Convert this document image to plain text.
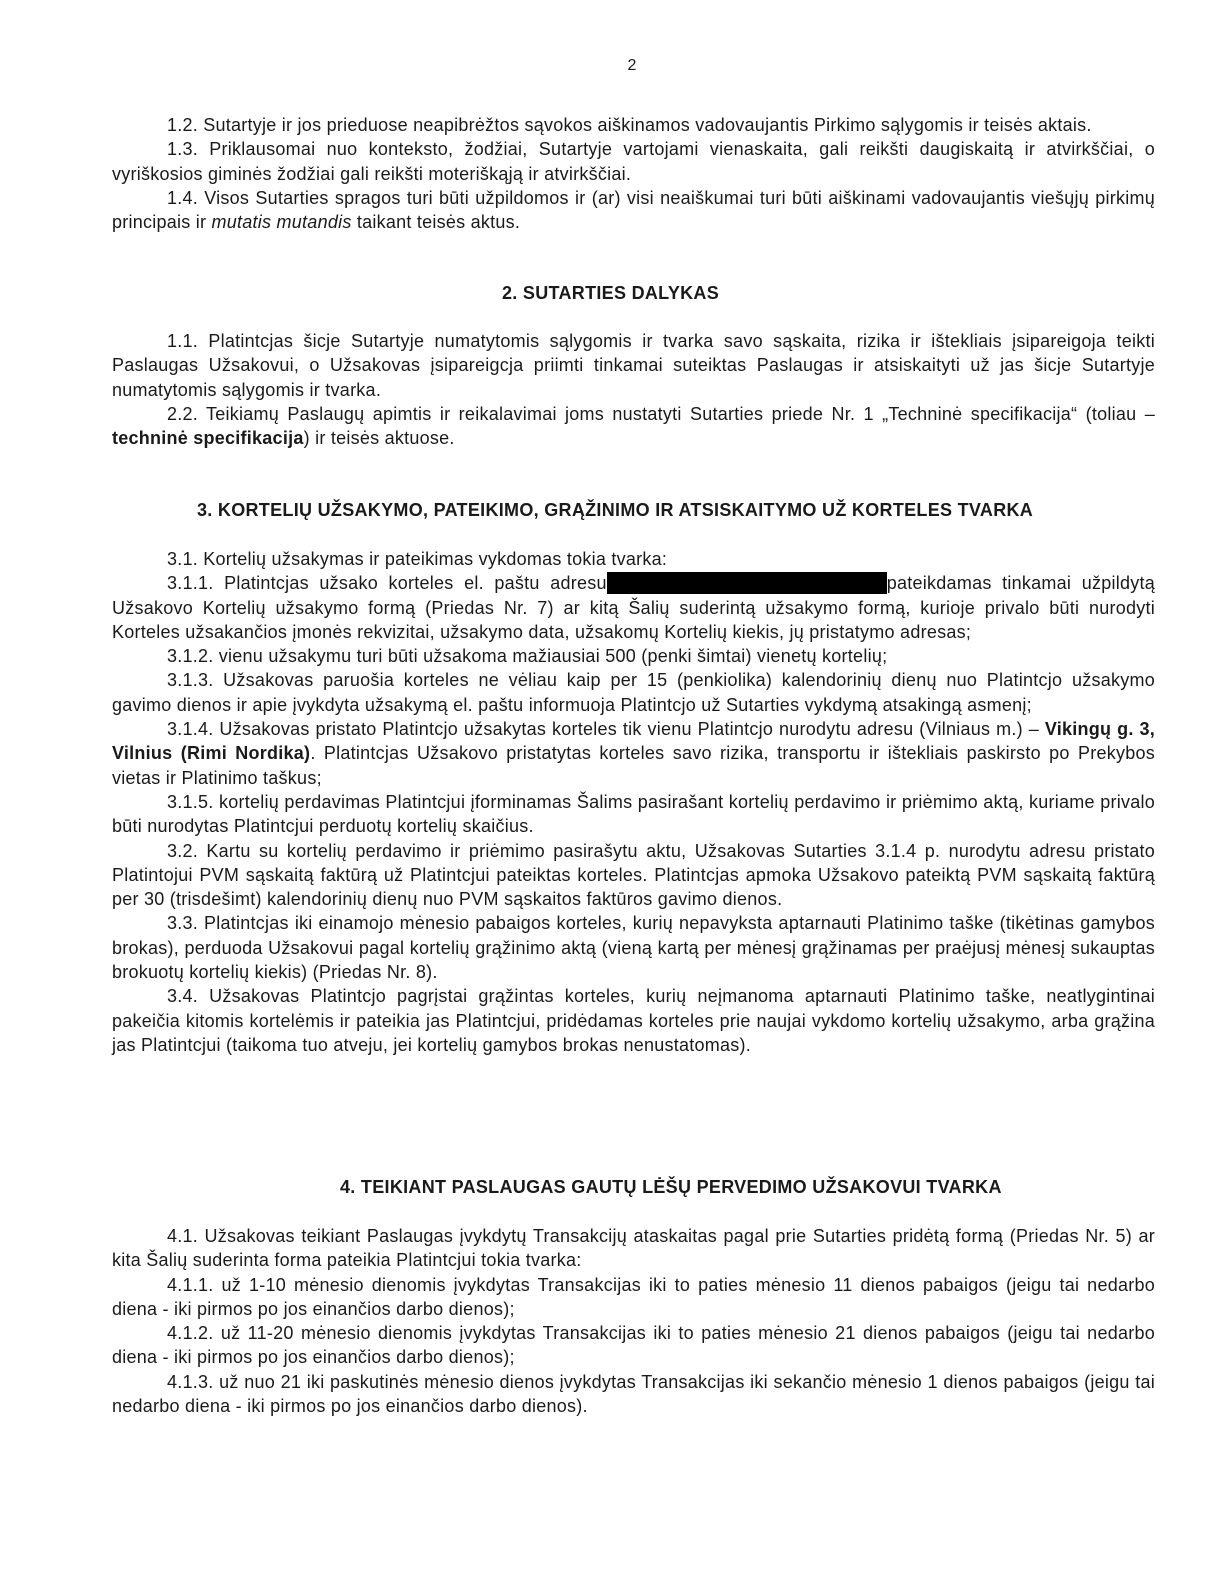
2

1.2. Sutartyje ir jos prieduose neapibrėžtos sąvokos aiškinamos vadovaujantis Pirkimo sąlygomis ir teisės aktais.

1.3. Priklausomai nuo konteksto, žodžiai, Sutartyje vartojami vienaskaita, gali reikšti daugiskaitą ir atvirkščiai, o vyriškosios giminės žodžiai gali reikšti moteriškąją ir atvirkščiai.

1.4. Visos Sutarties spragos turi būti užpildomos ir (ar) visi neaiškumai turi būti aiškinami vadovaujantis viešųjų pirkimų principais ir mutatis mutandis taikant teisės aktus.

2. SUTARTIES DALYKAS

1.1. Platintcjas šicje Sutartyje numatytomis sąlygomis ir tvarka savo sąskaita, rizika ir ištekliais įsipareigoja teikti Paslaugas Užsakovui, o Užsakovas įsipareigcja priimti tinkamai suteiktas Paslaugas ir atsiskaityti už jas šicje Sutartyje numatytomis sąlygomis ir tvarka.

2.2. Teikiamų Paslaugų apimtis ir reikalavimai joms nustatyti Sutarties priede Nr. 1 „Techninė specifikacija“ (toliau – techninė specifikacija) ir teisės aktuose.

3. KORTELIŲ UŽSAKYMO, PATEIKIMO, GRĄŽINIMO IR ATSISKAITYMO UŽ KORTELES TVARKA

3.1. Kortelių užsakymas ir pateikimas vykdomas tokia tvarka:

3.1.1. Platintcjas užsako korteles el. paštu adresu	pateikdamas tinkamai užpildytą Užsakovo Kortelių užsakymo formą (Priedas Nr. 7) ar kitą Šalių suderintą užsakymo formą, kurioje privalo būti nurodyti Korteles užsakančios įmonės rekvizitai, užsakymo data, užsakomų Kortelių kiekis, jų pristatymo adresas;

3.1.2. vienu užsakymu turi būti užsakoma mažiausiai 500 (penki šimtai) vienetų kortelių;

3.1.3. Užsakovas paruošia korteles ne vėliau kaip per 15 (penkiolika) kalendorinių dienų nuo Platintcjo užsakymo gavimo dienos ir apie įvykdyta užsakymą el. paštu informuoja Platintcjo už Sutarties vykdymą atsakingą asmenį;

3.1.4. Užsakovas pristato Platintcjo užsakytas korteles tik vienu Platintcjo nurodytu adresu (Vilniaus m.) – Vikingų g. 3, Vilnius (Rimi Nordika). Platintcjas Užsakovo pristatytas korteles savo rizika, transportu ir ištekliais paskirsto po Prekybos vietas ir Platinimo taškus;

3.1.5. kortelių perdavimas Platintcjui įforminamas Šalims pasirašant kortelių perdavimo ir priėmimo aktą, kuriame privalo būti nurodytas Platintcjui perduotų kortelių skaičius.

3.2. Kartu su kortelių perdavimo ir priėmimo pasirašytu aktu, Užsakovas Sutarties 3.1.4 p. nurodytu adresu pristato Platintojui PVM sąskaitą faktūrą už Platintcjui pateiktas korteles. Platintcjas apmoka Užsakovo pateiktą PVM sąskaitą faktūrą per 30 (trisdešimt) kalendorinių dienų nuo PVM sąskaitos faktūros gavimo dienos.

3.3. Platintcjas iki einamojo mėnesio pabaigos korteles, kurių nepavyksta aptarnauti Platinimo taške (tikėtinas gamybos brokas), perduoda Užsakovui pagal kortelių grąžinimo aktą (vieną kartą per mėnesį grąžinamas per praėjusį mėnesį sukauptas brokuotų kortelių kiekis) (Priedas Nr. 8).

3.4. Užsakovas Platintcjo pagrįstai grąžintas korteles, kurių neįmanoma aptarnauti Platinimo taške, neatlygintinai pakeičia kitomis kortelėmis ir pateikia jas Platintcjui, pridėdamas korteles prie naujai vykdomo kortelių užsakymo, arba grąžina jas Platintcjui (taikoma tuo atveju, jei kortelių gamybos brokas nenustatomas).

4. TEIKIANT PASLAUGAS GAUTŲ LĖŠŲ PERVEDIMO UŽSAKOVUI TVARKA

4.1. Užsakovas teikiant Paslaugas įvykdytų Transakcijų ataskaitas pagal prie Sutarties pridėtą formą (Priedas Nr. 5) ar kita Šalių suderinta forma pateikia Platintcjui tokia tvarka:

4.1.1. už 1-10 mėnesio dienomis įvykdytas Transakcijas iki to paties mėnesio 11 dienos pabaigos (jeigu tai nedarbo diena - iki pirmos po jos einančios darbo dienos);

4.1.2. už 11-20 mėnesio dienomis įvykdytas Transakcijas iki to paties mėnesio 21 dienos pabaigos (jeigu tai nedarbo diena - iki pirmos po jos einančios darbo dienos);

4.1.3. už nuo 21 iki paskutinės mėnesio dienos įvykdytas Transakcijas iki sekančio mėnesio 1 dienos pabaigos (jeigu tai nedarbo diena - iki pirmos po jos einančios darbo dienos).
